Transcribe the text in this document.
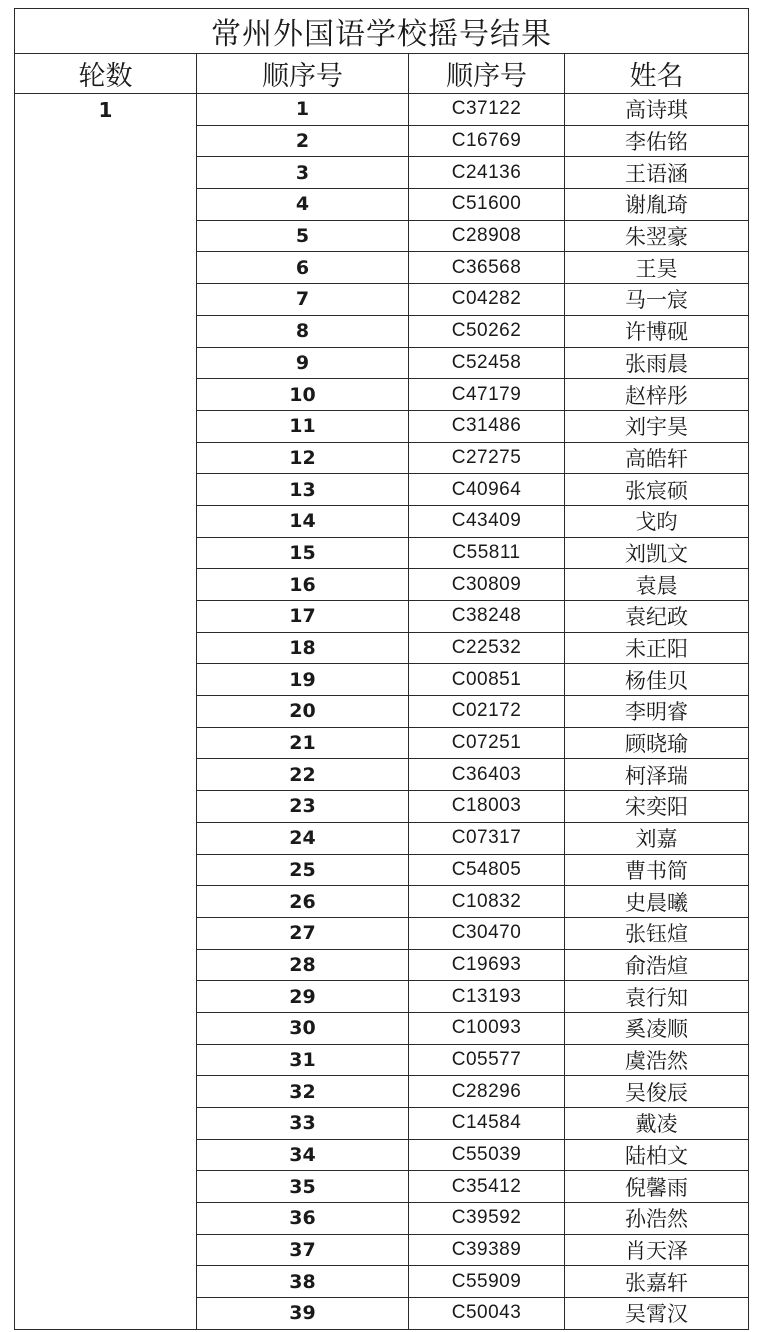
常州外国语学校摇号结果			
轮数	顺序号	顺序号	姓名
1	1	C37122	高诗琪
	2	C16769	李佑铭
	3	C24136	王语涵
	4	C51600	谢胤琦
	5	C28908	朱翌豪
	6	C36568	王昊
	7	C04282	马一宸
	8	C50262	许博砚
	9	C52458	张雨晨
	10	C47179	赵梓彤
	11	C31486	刘宇昊
	12	C27275	高皓轩
	13	C40964	张宸硕
	14	C43409	戈昀
	15	C55811	刘凯文
	16	C30809	袁晨
	17	C38248	袁纪政
	18	C22532	未正阳
	19	C00851	杨佳贝
	20	C02172	李明睿
	21	C07251	顾晓瑜
	22	C36403	柯泽瑞
	23	C18003	宋奕阳
	24	C07317	刘嘉
	25	C54805	曹书简
	26	C10832	史晨曦
	27	C30470	张钰煊
	28	C19693	俞浩煊
	29	C13193	袁行知
	30	C10093	奚凌顺
	31	C05577	虞浩然
	32	C28296	吴俊辰
	33	C14584	戴凌
	34	C55039	陆柏文
	35	C35412	倪馨雨
	36	C39592	孙浩然
	37	C39389	肖天泽
	38	C55909	张嘉轩
	39	C50043	吴霄汉
